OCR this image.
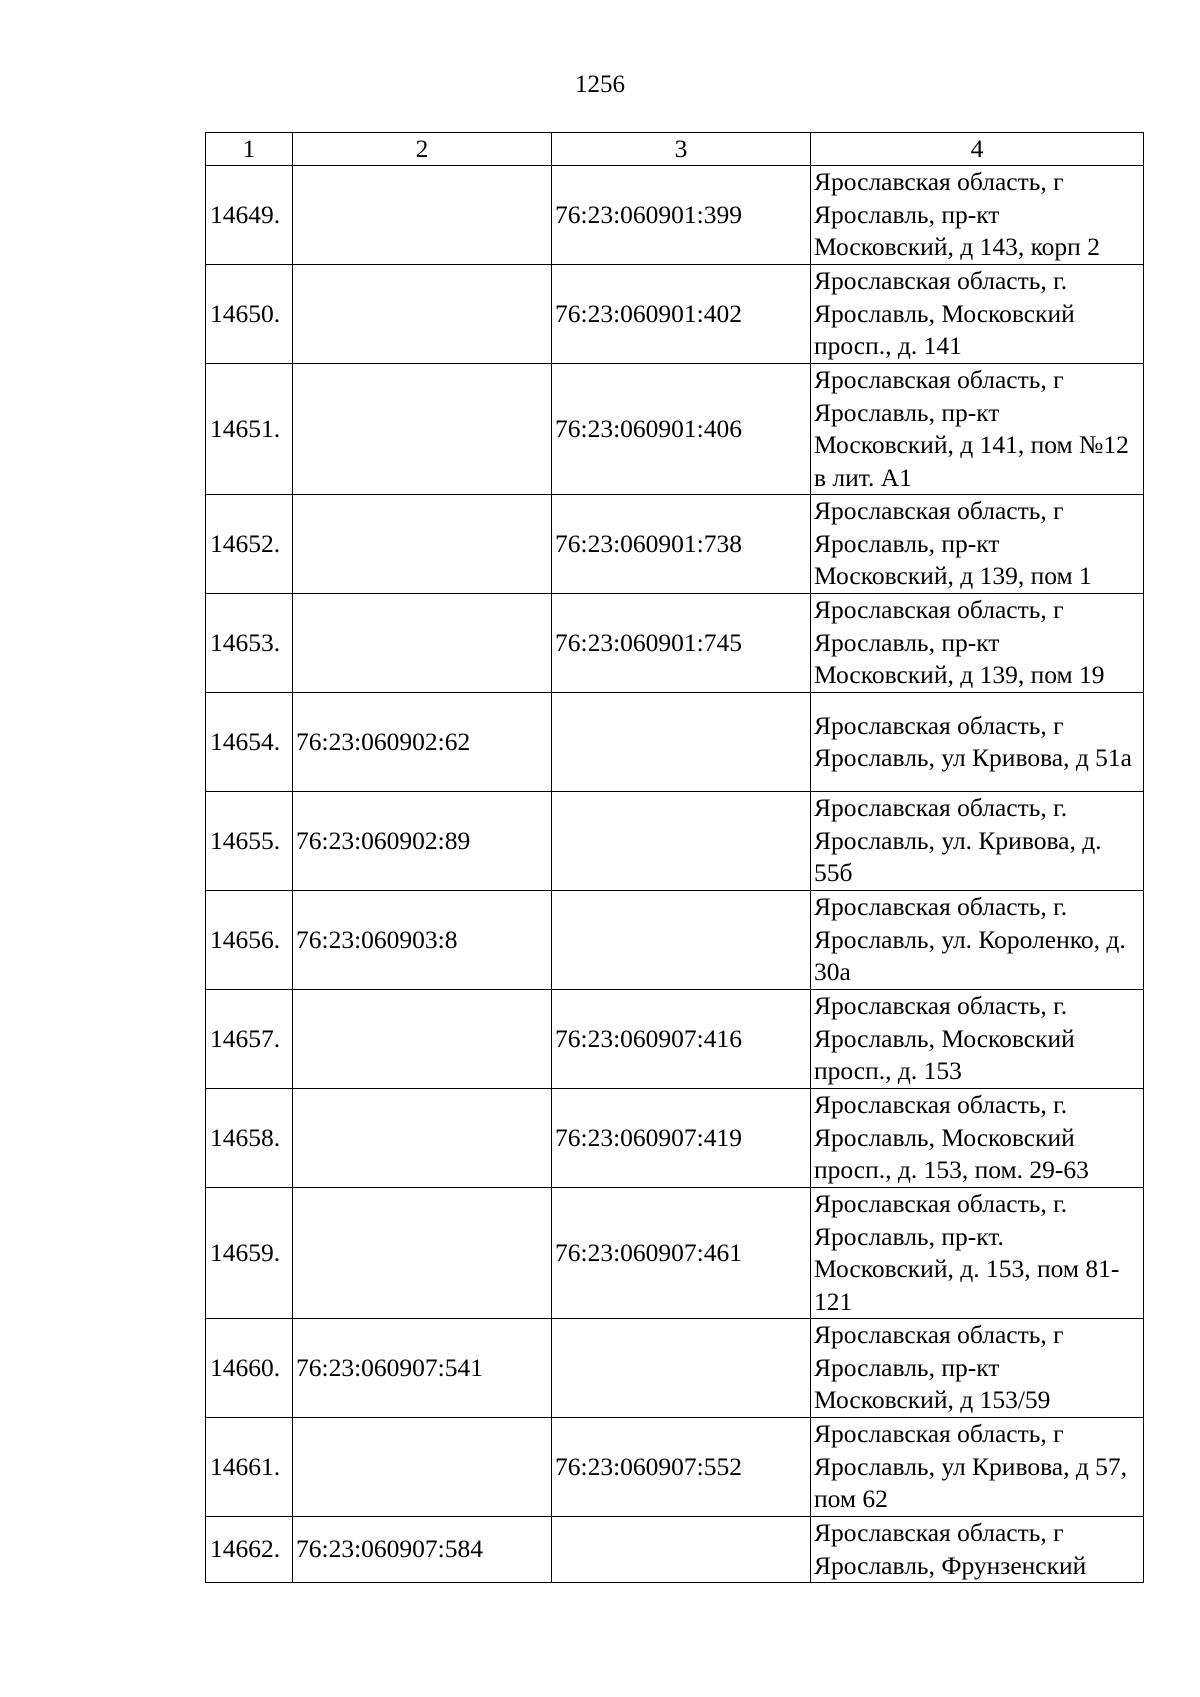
1256
1	2	3	4
14649.		76:23:060901:399	Ярославская область, г Ярославль, пр-кт Московский, д 143, корп 2
14650.		76:23:060901:402	Ярославская область, г. Ярославль, Московский просп., д. 141
14651.		76:23:060901:406	Ярославская область, г Ярославль, пр-кт Московский, д 141, пом №12 в лит. А1
14652.		76:23:060901:738	Ярославская область, г Ярославль, пр-кт Московский, д 139, пом 1
14653.		76:23:060901:745	Ярославская область, г Ярославль, пр-кт Московский, д 139, пом 19
14654.	76:23:060902:62		Ярославская область, г Ярославль, ул Кривова, д 51а
14655.	76:23:060902:89		Ярославская область, г. Ярославль, ул. Кривова, д. 55б
14656.	76:23:060903:8		Ярославская область, г. Ярославль, ул. Короленко, д. 30а
14657.		76:23:060907:416	Ярославская область, г. Ярославль, Московский просп., д. 153
14658.		76:23:060907:419	Ярославская область, г. Ярославль, Московский просп., д. 153, пом. 29-63
14659.		76:23:060907:461	Ярославская область, г. Ярославль, пр-кт. Московский, д. 153, пом 81-121
14660.	76:23:060907:541		Ярославская область, г Ярославль, пр-кт Московский, д 153/59
14661.		76:23:060907:552	Ярославская область, г Ярославль, ул Кривова, д 57, пом 62
14662.	76:23:060907:584		Ярославская область, г Ярославль, Фрунзенский
